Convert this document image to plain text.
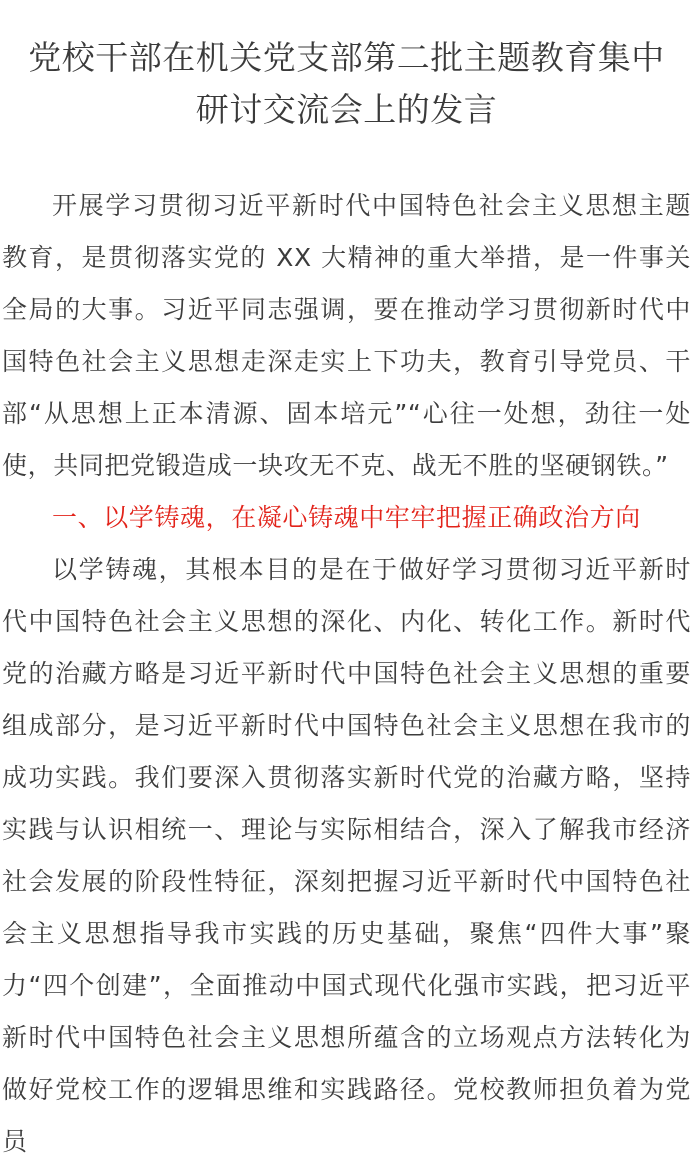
党校干部在机关党支部第二批主题教育集中
研讨交流会上的发言

开展学习贯彻习近平新时代中国特色社会主义思想主题教育，是贯彻落实党的 XX 大精神的重大举措，是一件事关全局的大事。习近平同志强调，要在推动学习贯彻新时代中国特色社会主义思想走深走实上下功夫，教育引导党员、干部“从思想上正本清源、固本培元”“心往一处想，劲往一处使，共同把党锻造成一块攻无不克、战无不胜的坚硬钢铁。”

一、以学铸魂，在凝心铸魂中牢牢把握正确政治方向

以学铸魂，其根本目的是在于做好学习贯彻习近平新时代中国特色社会主义思想的深化、内化、转化工作。新时代党的治藏方略是习近平新时代中国特色社会主义思想的重要组成部分，是习近平新时代中国特色社会主义思想在我市的成功实践。我们要深入贯彻落实新时代党的治藏方略，坚持实践与认识相统一、理论与实际相结合，深入了解我市经济社会发展的阶段性特征，深刻把握习近平新时代中国特色社会主义思想指导我市实践的历史基础，聚焦“四件大事”聚力“四个创建”，全面推动中国式现代化强市实践，把习近平新时代中国特色社会主义思想所蕴含的立场观点方法转化为做好党校工作的逻辑思维和实践路径。党校教师担负着为党员
